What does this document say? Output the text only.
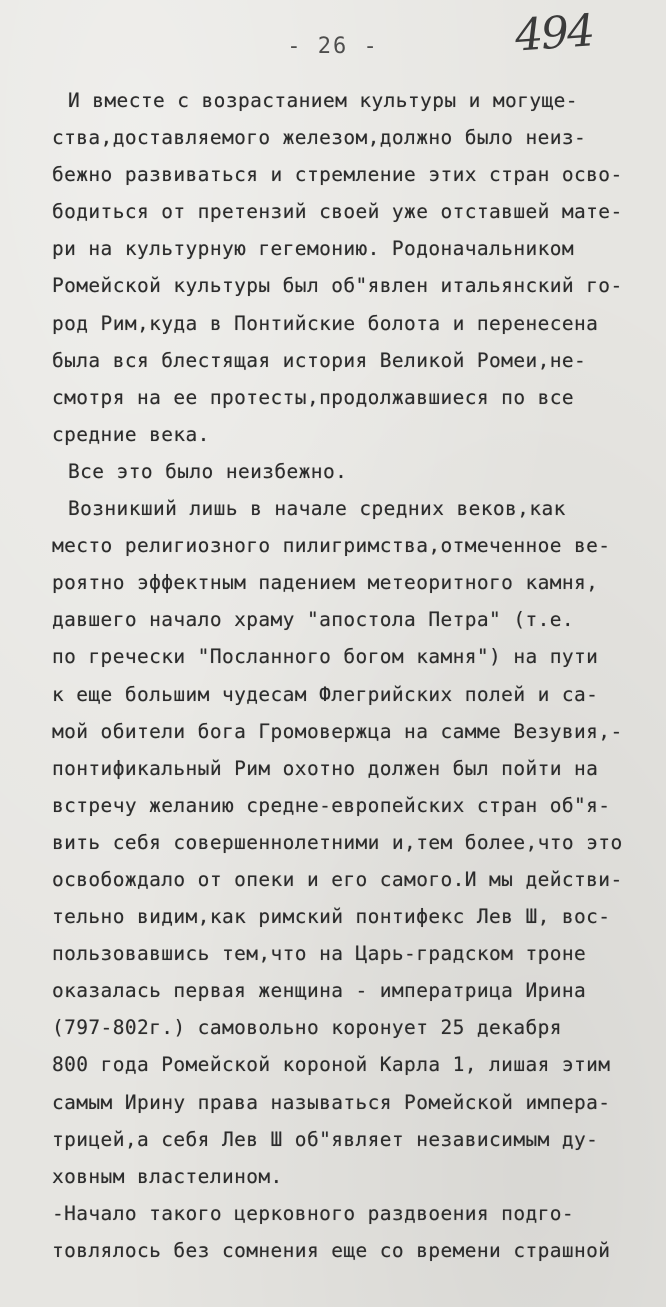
- 26 -	494
И вместе с возрастанием культуры и могуще-
ства,доставляемого железом,должно было неиз-
бежно развиваться и стремление этих стран осво-
бодиться от претензий своей уже отставшей мате-
ри на культурную гегемонию. Родоначальником
Ромейской культуры был об"явлен итальянский го-
род Рим,куда в Понтийские болота и перенесена
была вся блестящая история Великой Ромеи,не-
смотря на ее протесты,продолжавшиеся по все
средние века.
Все это было неизбежно.
Возникший лишь в начале средних веков,как
место религиозного пилигримства,отмеченное ве-
роятно эффектным падением метеоритного камня,
давшего начало храму "апостола Петра" (т.е.
по гречески "Посланного богом камня") на пути
к еще большим чудесам Флегрийских полей и са-
мой обители бога Громовержца на самме Везувия,-
понтификальный Рим охотно должен был пойти на
встречу желанию средне-европейских стран об"я-
вить себя совершеннолетними и,тем более,что это
освобождало от опеки и его самого.И мы действи-
тельно видим,как римский понтифекс Лев Ш, вос-
пользовавшись тем,что на Царь-градском троне
оказалась первая женщина - императрица Ирина
(797-802г.) самовольно коронует 25 декабря
800 года Ромейской короной Карла 1, лишая этим
самым Ирину права называться Ромейской импера-
трицей,а себя Лев Ш об"являет независимым ду-
ховным властелином.
-Начало такого церковного раздвоения подго-
товлялось без сомнения еще со времени страшной
